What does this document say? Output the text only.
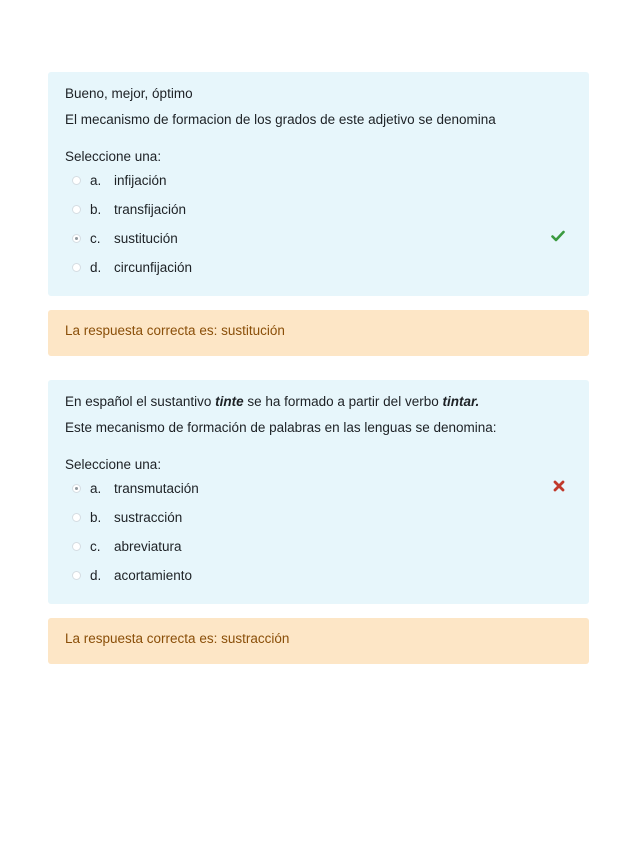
Bueno, mejor, óptimo
El mecanismo de formacion de los grados de este adjetivo se denomina
Seleccione una:
a. infijación
b. transfijación
c. sustitución
d. circunfijación
La respuesta correcta es: sustitución
En español el sustantivo tinte se ha formado a partir del verbo tintar.
Este mecanismo de formación de palabras en las lenguas se denomina:
Seleccione una:
a. transmutación
b. sustracción
c. abreviatura
d. acortamiento
La respuesta correcta es: sustracción
